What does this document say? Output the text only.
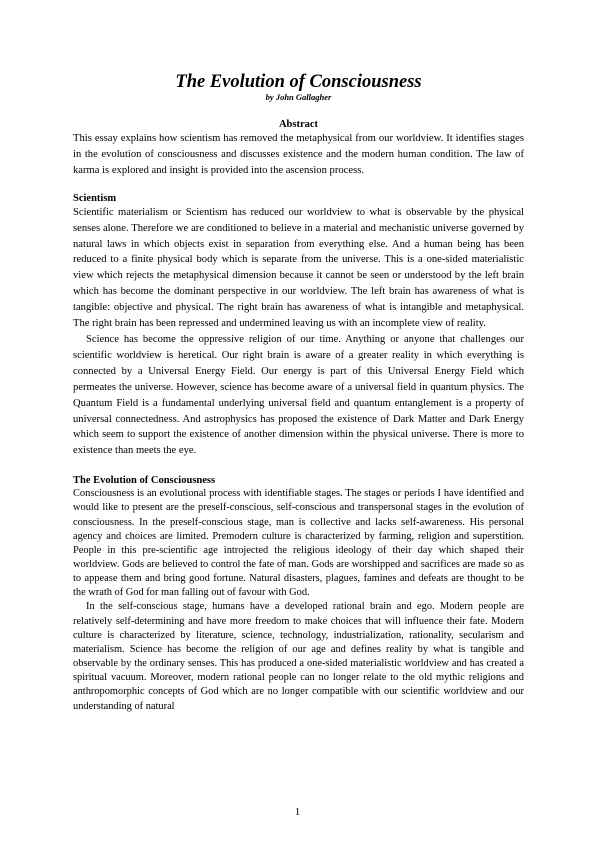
The Evolution of Consciousness
by John Gallagher
Abstract

This essay explains how scientism has removed the metaphysical from our worldview. It identifies stages in the evolution of consciousness and discusses existence and the modern human condition. The law of karma is explored and insight is provided into the ascension process.

Scientism

Scientific materialism or Scientism has reduced our worldview to what is observable by the physical senses alone. Therefore we are conditioned to believe in a material and mechanistic universe governed by natural laws in which objects exist in separation from everything else. And a human being has been reduced to a finite physical body which is separate from the universe. This is a one-sided materialistic view which rejects the metaphysical dimension because it cannot be seen or understood by the left brain which has become the dominant perspective in our worldview. The left brain has awareness of what is tangible: objective and physical. The right brain has awareness of what is intangible and metaphysical. The right brain has been repressed and undermined leaving us with an incomplete view of reality.

Science has become the oppressive religion of our time. Anything or anyone that challenges our scientific worldview is heretical. Our right brain is aware of a greater reality in which everything is connected by a Universal Energy Field. Our energy is part of this Universal Energy Field which permeates the universe. However, science has become aware of a universal field in quantum physics. The Quantum Field is a fundamental underlying universal field and quantum entanglement is a property of universal connectedness. And astrophysics has proposed the existence of Dark Matter and Dark Energy which seem to support the existence of another dimension within the physical universe. There is more to existence than meets the eye.

The Evolution of Consciousness

Consciousness is an evolutional process with identifiable stages. The stages or periods I have identified and would like to present are the preself-conscious, self-conscious and transpersonal stages in the evolution of consciousness. In the preself-conscious stage, man is collective and lacks self-awareness. His personal agency and choices are limited. Premodern culture is characterized by farming, religion and superstition. People in this pre-scientific age introjected the religious ideology of their day which shaped their worldview. Gods are believed to control the fate of man. Gods are worshipped and sacrifices are made so as to appease them and bring good fortune. Natural disasters, plagues, famines and defeats are thought to be the wrath of God for man falling out of favour with God.

In the self-conscious stage, humans have a developed rational brain and ego. Modern people are relatively self-determining and have more freedom to make choices that will influence their fate. Modern culture is characterized by literature, science, technology, industrialization, rationality, secularism and materialism. Science has become the religion of our age and defines reality by what is tangible and observable by the ordinary senses. This has produced a one-sided materialistic worldview and has created a spiritual vacuum. Moreover, modern rational people can no longer relate to the old mythic religions and anthropomorphic concepts of God which are no longer compatible with our scientific worldview and our understanding of natural

1
